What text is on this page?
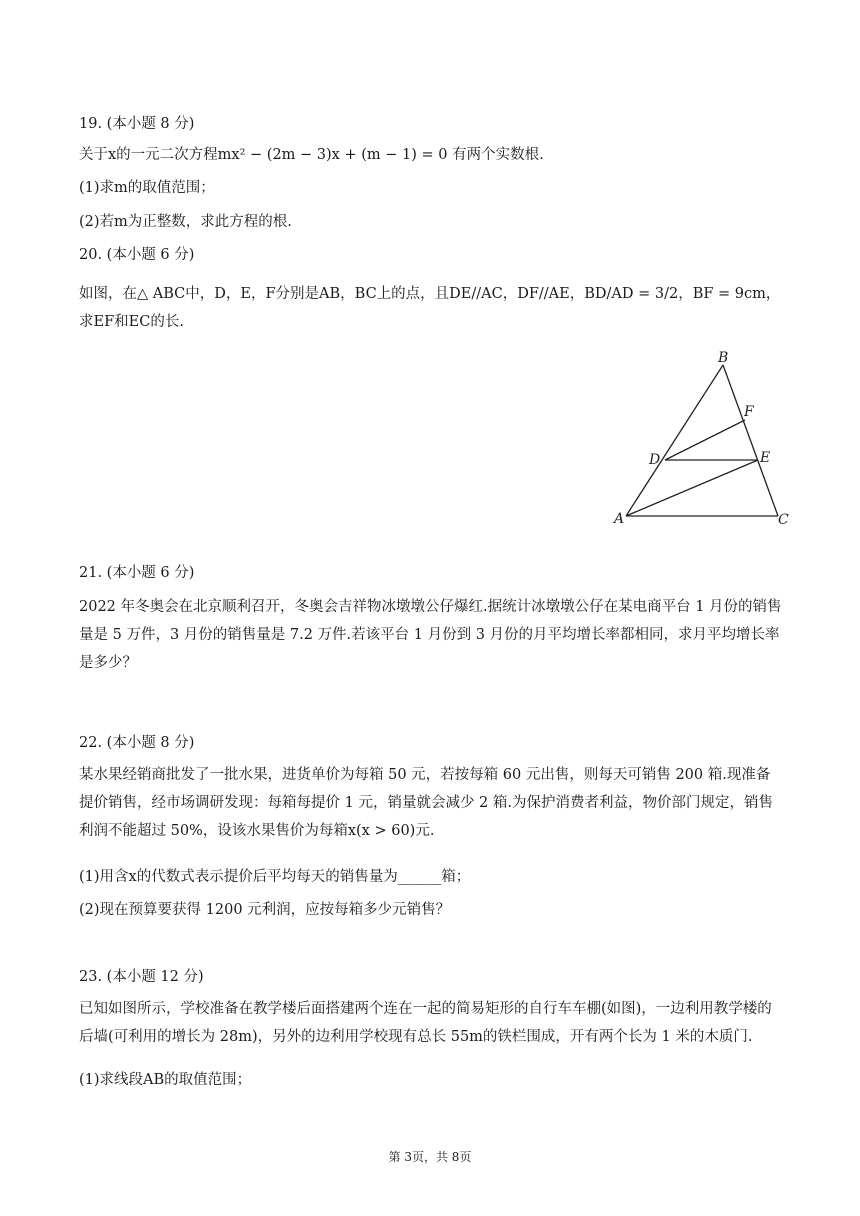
19. (本小题 8 分)
关于x的一元二次方程mx² − (2m − 3)x + (m − 1) = 0 有两个实数根.
(1)求m的取值范围；
(2)若m为正整数，求此方程的根.
20. (本小题 6 分)
如图，在△ ABC中，D，E，F分别是AB，BC上的点，且DE//AC，DF//AE，BD/AD = 3/2，BF = 9cm，求EF和EC的长.
B
F
D	E
A	C
21. (本小题 6 分)
2022 年冬奥会在北京顺利召开，冬奥会吉祥物冰墩墩公仔爆红.据统计冰墩墩公仔在某电商平台 1 月份的销售量是 5 万件，3 月份的销售量是 7.2 万件.若该平台 1 月份到 3 月份的月平均增长率都相同，求月平均增长率是多少？
22. (本小题 8 分)
某水果经销商批发了一批水果，进货单价为每箱 50 元，若按每箱 60 元出售，则每天可销售 200 箱.现准备提价销售，经市场调研发现：每箱每提价 1 元，销量就会减少 2 箱.为保护消费者利益，物价部门规定，销售利润不能超过 50%，设该水果售价为每箱x(x > 60)元.
(1)用含x的代数式表示提价后平均每天的销售量为______箱；
(2)现在预算要获得 1200 元利润，应按每箱多少元销售？
23. (本小题 12 分)
已知如图所示，学校准备在教学楼后面搭建两个连在一起的简易矩形的自行车车棚(如图)，一边利用教学楼的后墙(可利用的增长为 28m)，另外的边利用学校现有总长 55m的铁栏围成，开有两个长为 1 米的木质门.
(1)求线段AB的取值范围；
第 3页，共 8页
